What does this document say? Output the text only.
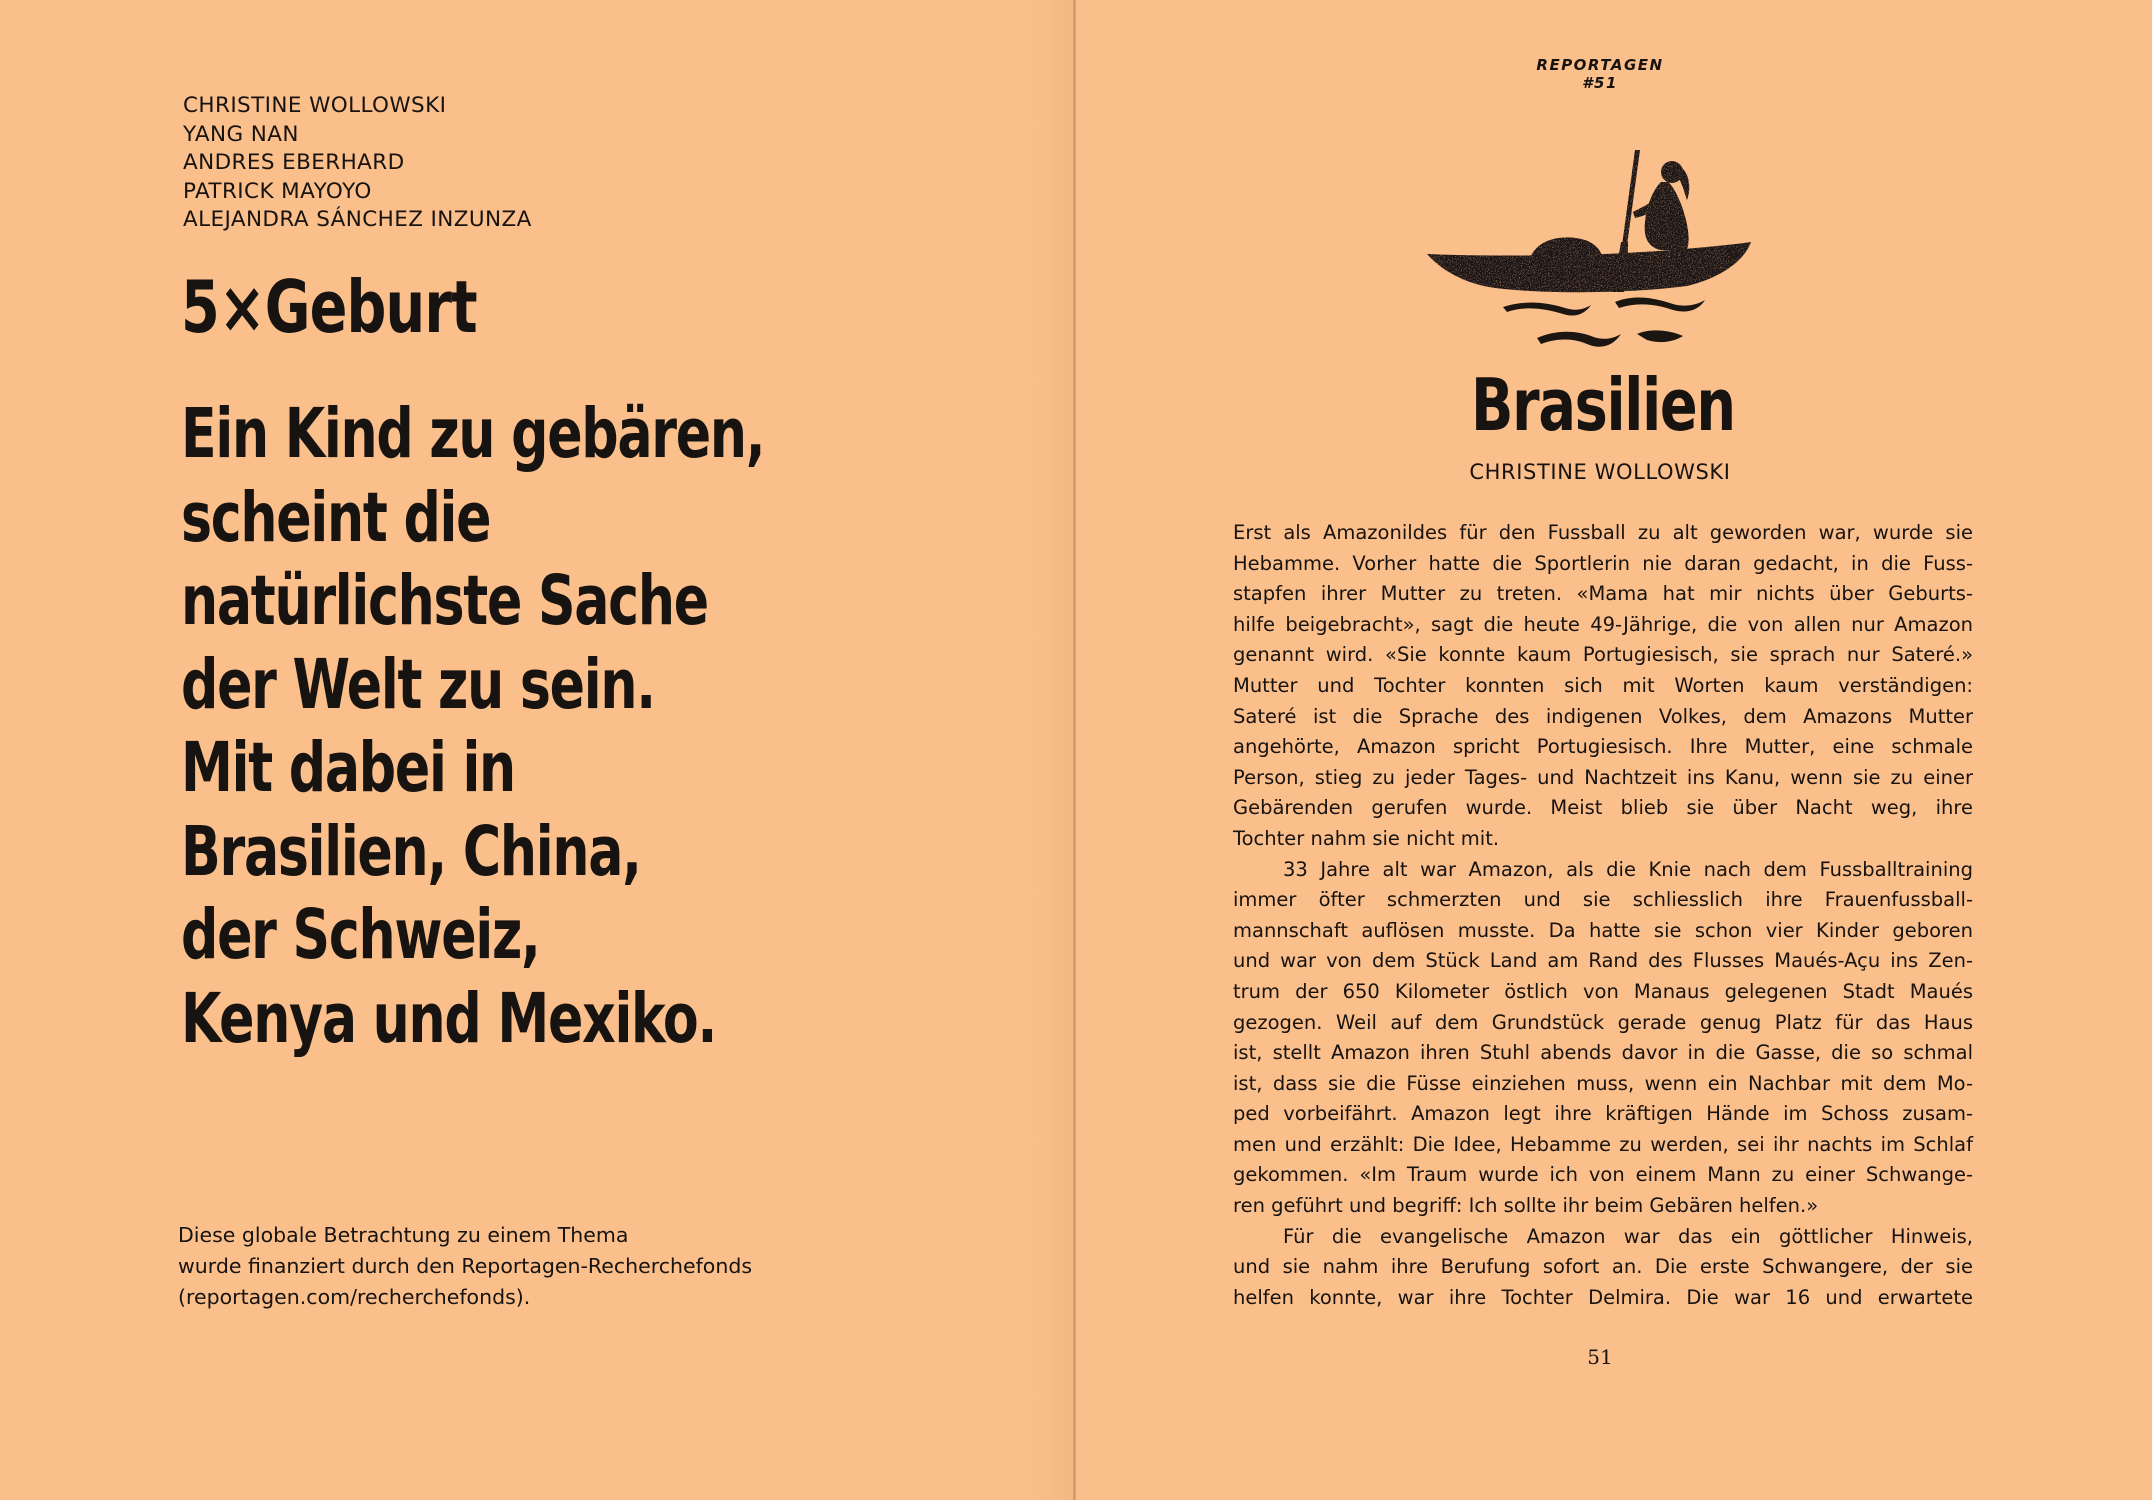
CHRISTINE WOLLOWSKI
YANG NAN
ANDRES EBERHARD
PATRICK MAYOYO
ALEJANDRA SÁNCHEZ INZUNZA
5×Geburt
Ein Kind zu gebären,
scheint die
natürlichste Sache
der Welt zu sein.
Mit dabei in
Brasilien, China,
der Schweiz,
Kenya und Mexiko.

Diese globale Betrachtung zu einem Thema
wurde finanziert durch den Reportagen-Recherchefonds
(reportagen.com/recherchefonds).

REPORTAGEN #51
Brasilien
CHRISTINE WOLLOWSKI
Erst als Amazonildes für den Fussball zu alt geworden war, wurde sie
Hebamme. Vorher hatte die Sportlerin nie daran gedacht, in die Fuss-
stapfen ihrer Mutter zu treten. «Mama hat mir nichts über Geburts-
hilfe beigebracht», sagt die heute 49-Jährige, die von allen nur Amazon
genannt wird. «Sie konnte kaum Portugiesisch, sie sprach nur Sateré.»
Mutter und Tochter konnten sich mit Worten kaum verständigen:
Sateré ist die Sprache des indigenen Volkes, dem Amazons Mutter
angehörte, Amazon spricht Portugiesisch. Ihre Mutter, eine schmale
Person, stieg zu jeder Tages- und Nachtzeit ins Kanu, wenn sie zu einer
Gebärenden gerufen wurde. Meist blieb sie über Nacht weg, ihre
Tochter nahm sie nicht mit.
33 Jahre alt war Amazon, als die Knie nach dem Fussballtraining
immer öfter schmerzten und sie schliesslich ihre Frauenfussball-
mannschaft auflösen musste. Da hatte sie schon vier Kinder geboren
und war von dem Stück Land am Rand des Flusses Maués-Açu ins Zen-
trum der 650 Kilometer östlich von Manaus gelegenen Stadt Maués
gezogen. Weil auf dem Grundstück gerade genug Platz für das Haus
ist, stellt Amazon ihren Stuhl abends davor in die Gasse, die so schmal
ist, dass sie die Füsse einziehen muss, wenn ein Nachbar mit dem Mo-
ped vorbeifährt. Amazon legt ihre kräftigen Hände im Schoss zusam-
men und erzählt: Die Idee, Hebamme zu werden, sei ihr nachts im Schlaf
gekommen. «Im Traum wurde ich von einem Mann zu einer Schwange-
ren geführt und begriff: Ich sollte ihr beim Gebären helfen.»
Für die evangelische Amazon war das ein göttlicher Hinweis,
und sie nahm ihre Berufung sofort an. Die erste Schwangere, der sie
helfen konnte, war ihre Tochter Delmira. Die war 16 und erwartete
51
